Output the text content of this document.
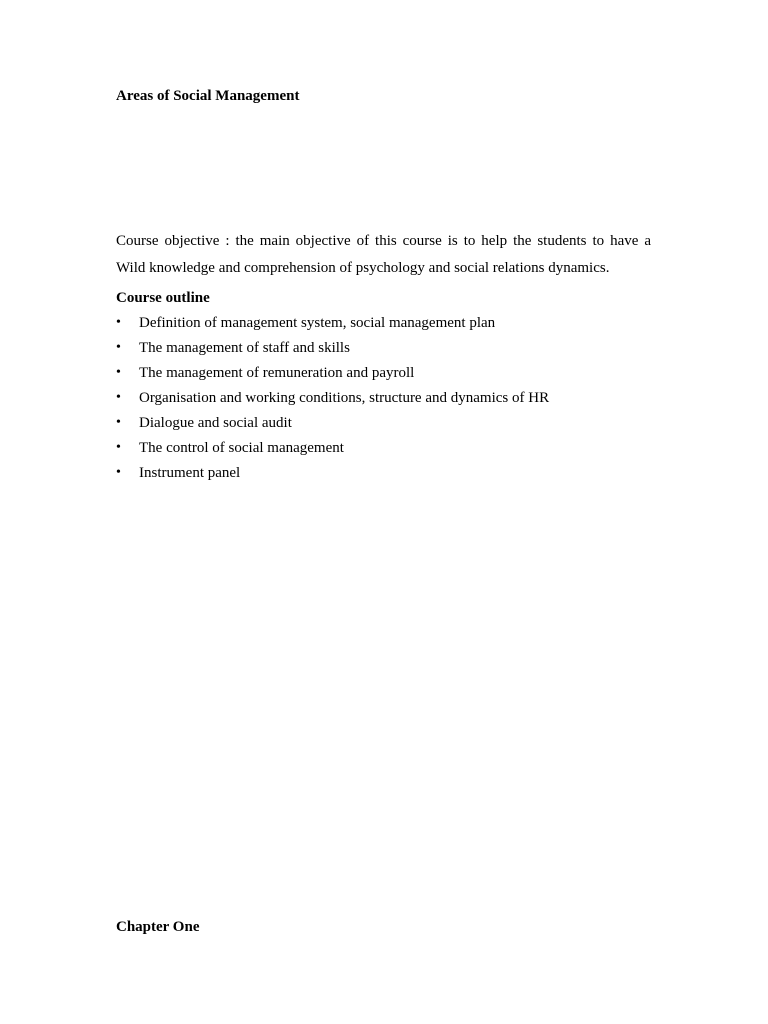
Areas of Social Management

Course objective : the main objective of this course is to help the students to have a
Wild knowledge and comprehension of psychology and social relations dynamics.

Course outline
•	Definition of management system, social management plan
•	The management of staff and skills
•	The management of remuneration and payroll
•	Organisation and working conditions, structure and dynamics of HR
•	Dialogue and social audit
•	The control of social management
•	Instrument panel
Chapter One
